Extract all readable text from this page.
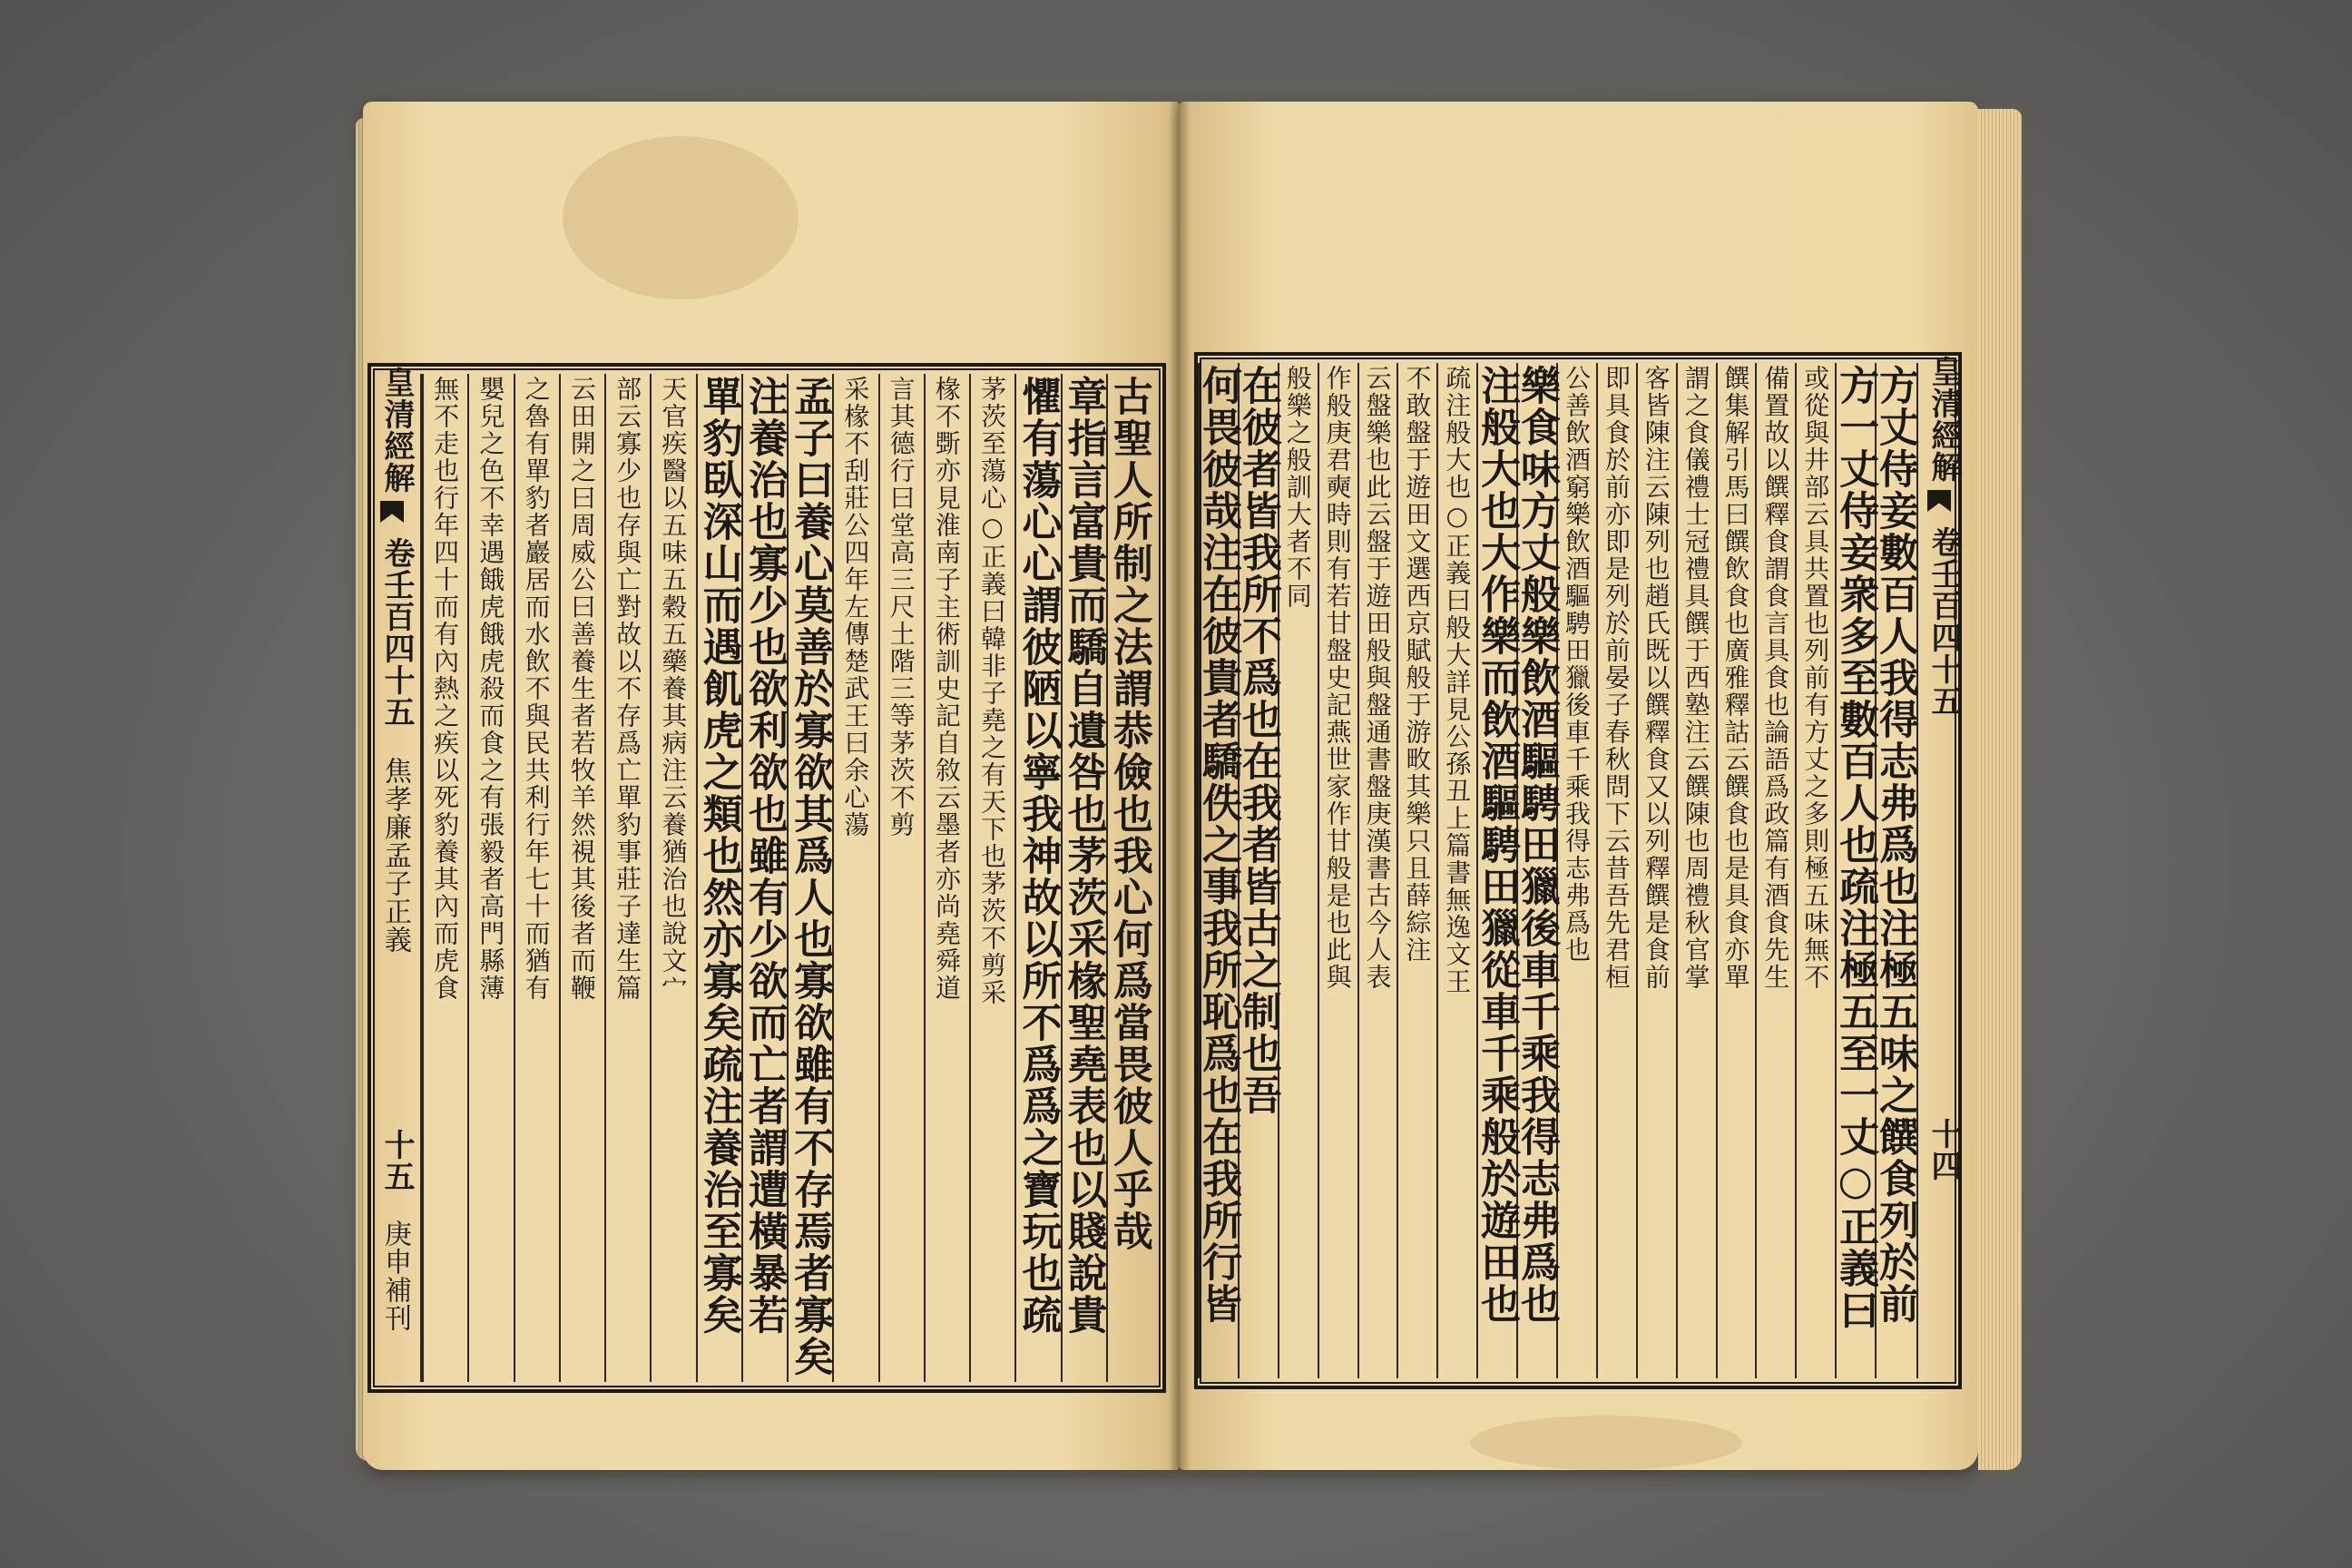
皇清經解
卷壬百四十五
焦孝廉孟子正義
十五
庚申補刊
古聖人所制之法謂恭儉也我心何爲當畏彼人乎哉
章指言富貴而驕自遺咎也茅茨采椽聖堯表也以賤說貴
懼有蕩心心謂彼陋以寧我神故以所不爲爲之寶玩也疏
茅茨至蕩心○正義曰韓非子堯之有天下也茅茨不剪采
椽不斲亦見淮南子主術訓史記自敘云墨者亦尚堯舜道
言其德行曰堂高三尺土階三等茅茨不剪
采椽不刮莊公四年左傳楚武王曰余心蕩
孟子曰養心莫善於寡欲其爲人也寡欲雖有不存焉者寡矣
注養治也寡少也欲利欲也雖有少欲而亡者謂遭橫暴若
單豹臥深山而遇飢虎之類也然亦寡矣疏注養治至寡矣
天官疾醫以五味五穀五藥養其病注云養猶治也說文宀
部云寡少也存與亡對故以不存爲亡單豹事莊子達生篇
云田開之曰周威公曰善養生者若牧羊然視其後者而鞭
之魯有單豹者巖居而水飲不與民共利行年七十而猶有
嬰兒之色不幸遇餓虎餓虎殺而食之有張毅者高門縣薄
無不走也行年四十而有內熱之疾以死豹養其內而虎食	方丈侍妾數百人我得志弗爲也注極五味之饌食列於前
方一丈侍妾衆多至數百人也疏注極五至一丈○正義曰
或從與井部云具共置也列前有方丈之多則極五味無不
備置故以饌釋食謂食言具食也論語爲政篇有酒食先生
饌集解引馬曰饌飲食也廣雅釋詁云饌食也是具食亦單
謂之食儀禮士冠禮具饌于西塾注云饌陳也周禮秋官掌
客皆陳注云陳列也趙氏既以饌釋食又以列釋饌是食前
即具食於前亦即是列於前晏子春秋問下云昔吾先君桓
公善飲酒窮樂飲酒驅騁田獵後車千乘我得志弗爲也
樂食味方丈般樂飲酒驅騁田獵後車千乘我得志弗爲也
注般大也大作樂而飲酒驅騁田獵從車千乘般於遊田也
疏注般大也○正義曰般大詳見公孫丑上篇書無逸文王
不敢盤于遊田文選西京賦般于游畋其樂只且薛綜注
云盤樂也此云盤于遊田般與盤通書盤庚漢書古今人表
作般庚君奭時則有若甘盤史記燕世家作甘般是也此與
般樂之般訓大者不同
在彼者皆我所不爲也在我者皆古之制也吾
何畏彼哉注在彼貴者驕佚之事我所恥爲也在我所行皆	皇清經解
卷壬百四十五
十四
